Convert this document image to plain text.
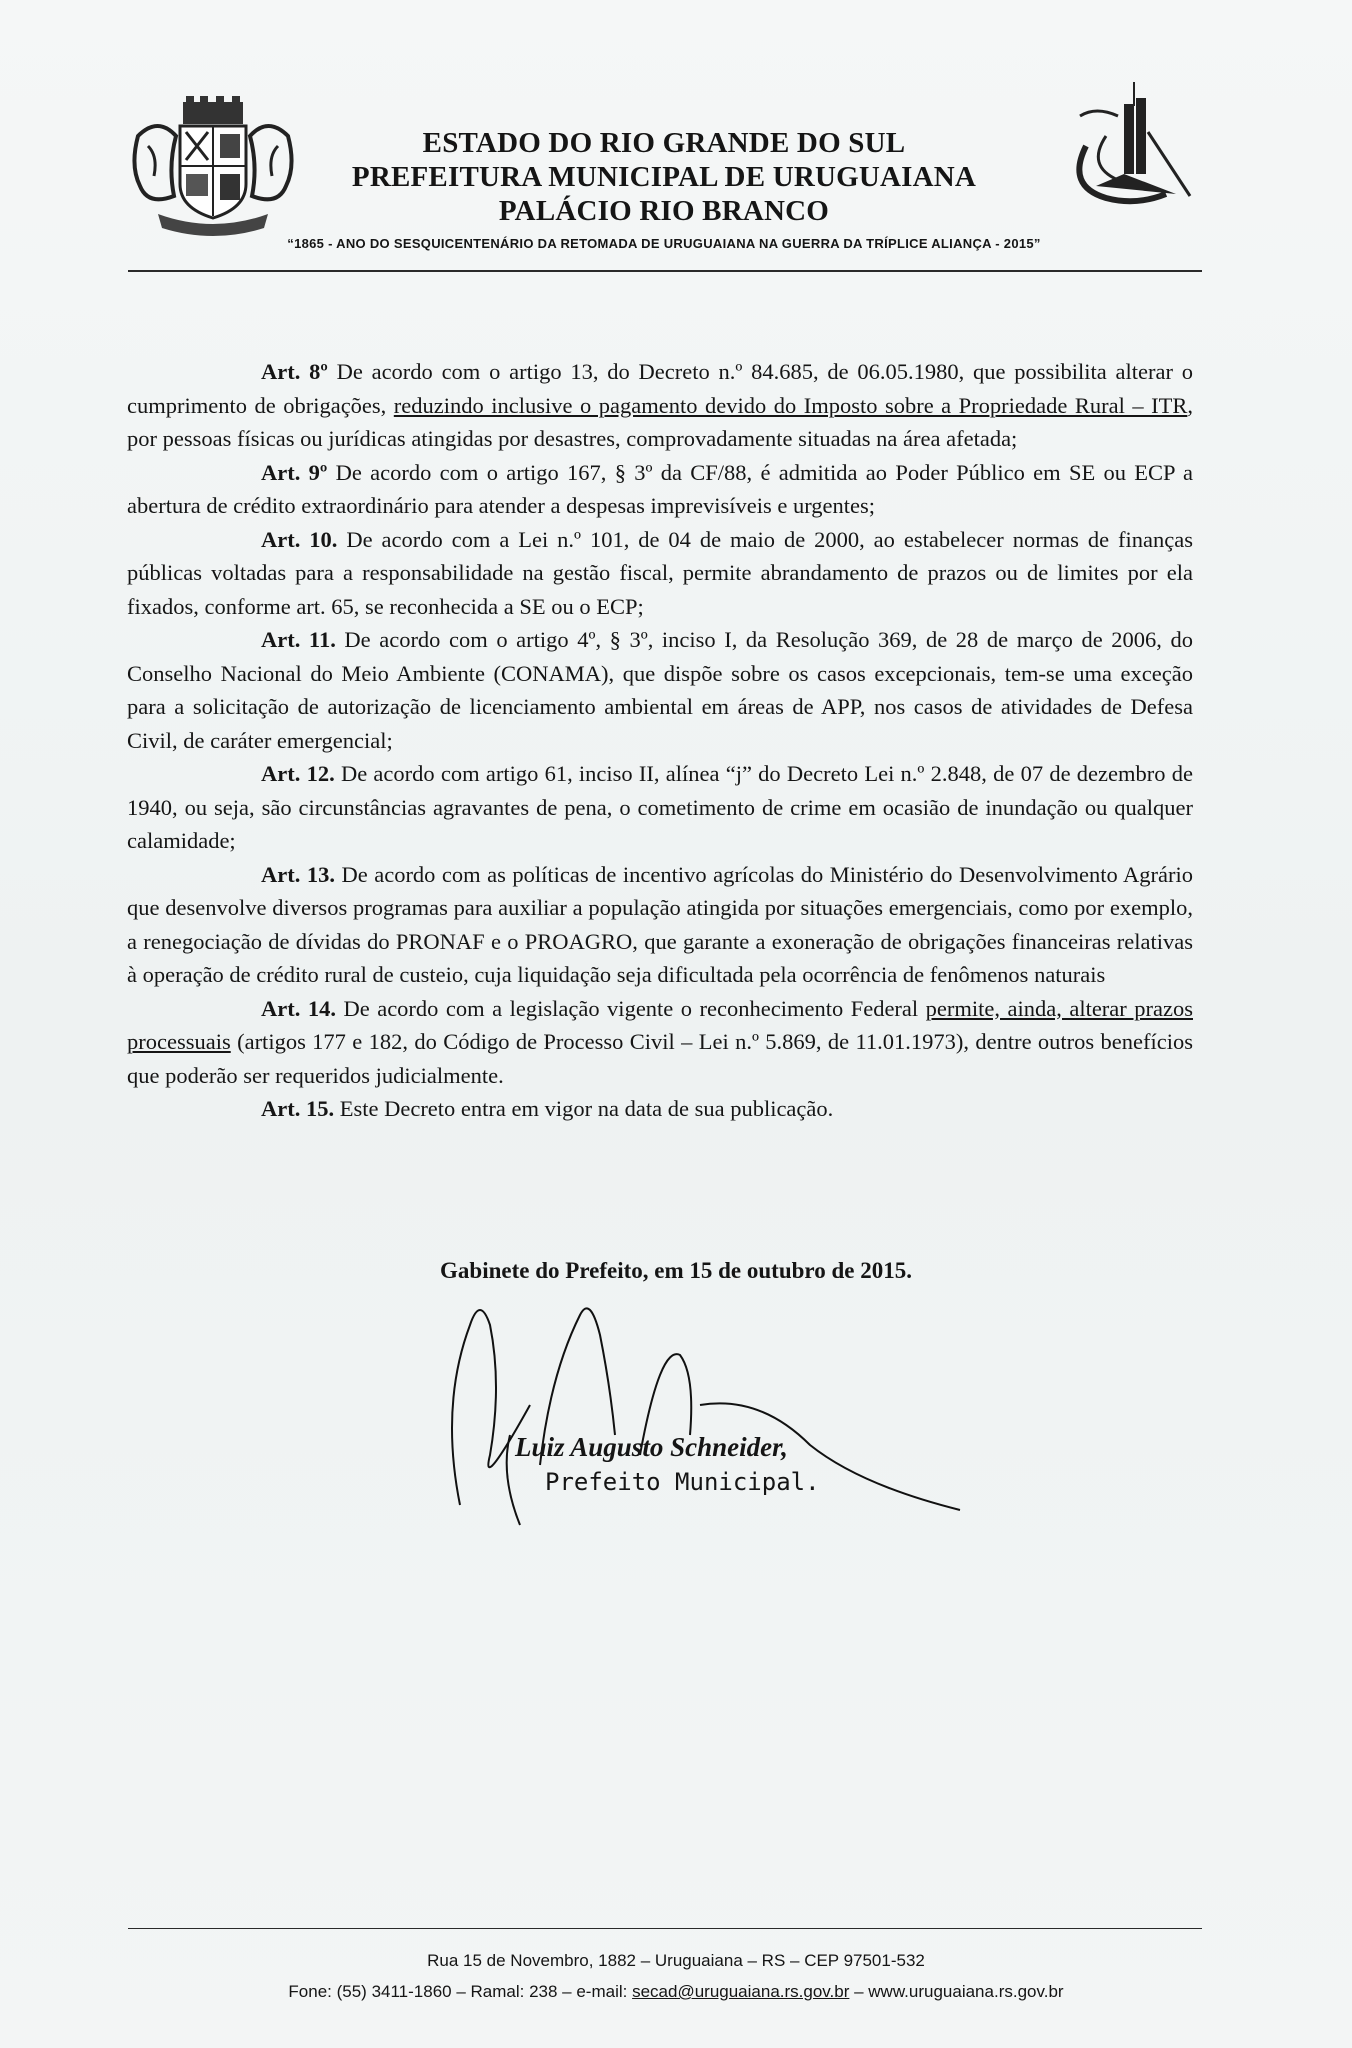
ESTADO DO RIO GRANDE DO SUL
PREFEITURA MUNICIPAL DE URUGUAIANA
PALÁCIO RIO BRANCO
“1865 - ANO DO SESQUICENTENÁRIO DA RETOMADA DE URUGUAIANA NA GUERRA DA TRÍPLICE ALIANÇA - 2015”

Art. 8º De acordo com o artigo 13, do Decreto n.º 84.685, de 06.05.1980, que possibilita alterar o cumprimento de obrigações, reduzindo inclusive o pagamento devido do Imposto sobre a Propriedade Rural – ITR, por pessoas físicas ou jurídicas atingidas por desastres, comprovadamente situadas na área afetada;

Art. 9º De acordo com o artigo 167, § 3º da CF/88, é admitida ao Poder Público em SE ou ECP a abertura de crédito extraordinário para atender a despesas imprevisíveis e urgentes;

Art. 10. De acordo com a Lei n.º 101, de 04 de maio de 2000, ao estabelecer normas de finanças públicas voltadas para a responsabilidade na gestão fiscal, permite abrandamento de prazos ou de limites por ela fixados, conforme art. 65, se reconhecida a SE ou o ECP;

Art. 11. De acordo com o artigo 4º, § 3º, inciso I, da Resolução 369, de 28 de março de 2006, do Conselho Nacional do Meio Ambiente (CONAMA), que dispõe sobre os casos excepcionais, tem-se uma exceção para a solicitação de autorização de licenciamento ambiental em áreas de APP, nos casos de atividades de Defesa Civil, de caráter emergencial;

Art. 12. De acordo com artigo 61, inciso II, alínea “j” do Decreto Lei n.º 2.848, de 07 de dezembro de 1940, ou seja, são circunstâncias agravantes de pena, o cometimento de crime em ocasião de inundação ou qualquer calamidade;

Art. 13. De acordo com as políticas de incentivo agrícolas do Ministério do Desenvolvimento Agrário que desenvolve diversos programas para auxiliar a população atingida por situações emergenciais, como por exemplo, a renegociação de dívidas do PRONAF e o PROAGRO, que garante a exoneração de obrigações financeiras relativas à operação de crédito rural de custeio, cuja liquidação seja dificultada pela ocorrência de fenômenos naturais

Art. 14. De acordo com a legislação vigente o reconhecimento Federal permite, ainda, alterar prazos processuais (artigos 177 e 182, do Código de Processo Civil – Lei n.º 5.869, de 11.01.1973), dentre outros benefícios que poderão ser requeridos judicialmente.

Art. 15. Este Decreto entra em vigor na data de sua publicação.

Gabinete do Prefeito, em 15 de outubro de 2015.
Luiz Augusto Schneider,
Prefeito Municipal.
Rua 15 de Novembro, 1882 – Uruguaiana – RS – CEP 97501-532
Fone: (55) 3411-1860 – Ramal: 238 – e-mail: secad@uruguaiana.rs.gov.br – www.uruguaiana.rs.gov.br
